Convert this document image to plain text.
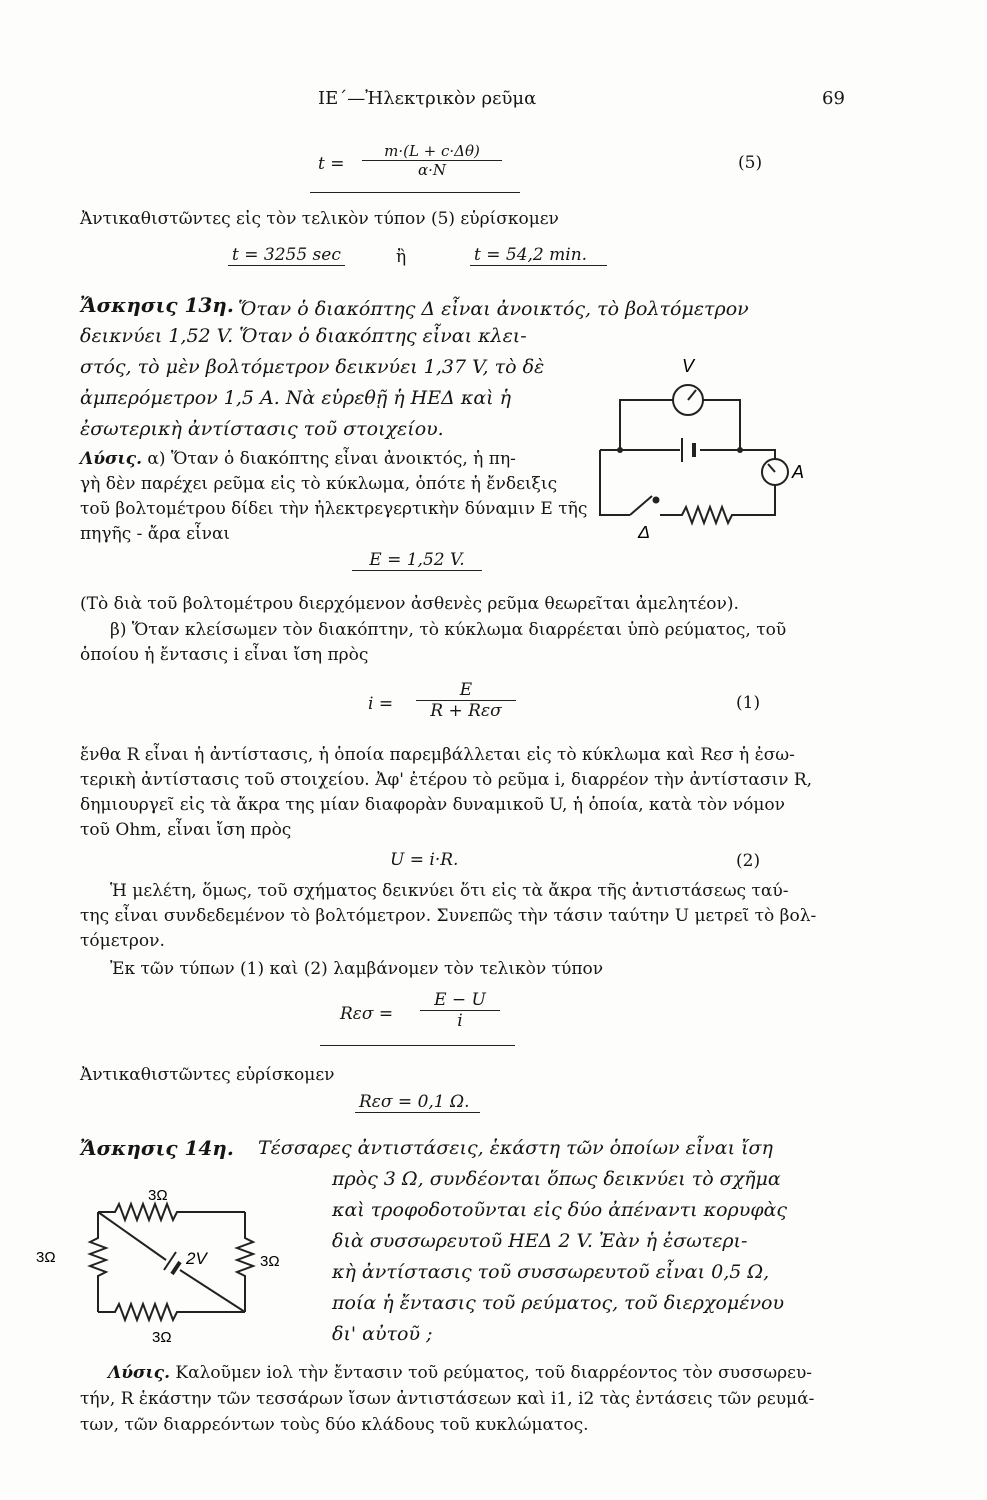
ΙΕ΄—Ἠλεκτρικὸν ρεῦμα	69
$t = \frac{m\cdot(L + c\cdot\Delta\theta)}{\alpha\cdot N}$	(5)
Ἀντικαθιστῶντες εἰς τὸν τελικὸν τύπον (5) εὑρίσκομεν
t = 3255 sec	ἢ	t = 54,2 min.
Ἄσκησις 13η. Ὅταν ὁ διακόπτης Δ εἶναι ἀνοικτός, τὸ βολτόμετρον
δεικνύει 1,52 V. Ὅταν ὁ διακόπτης εἶναι κλει-
στός, τὸ μὲν βολτόμετρον δεικνύει 1,37 V, τὸ δὲ
ἀμπερόμετρον 1,5 A. Νὰ εὑρεθῇ ἡ ΗΕΔ καὶ ἡ
ἐσωτερικὴ ἀντίστασις τοῦ στοιχείου.
Λύσις. α) Ὅταν ὁ διακόπτης εἶναι ἀνοικτός, ἡ πη-
γὴ δὲν παρέχει ρεῦμα εἰς τὸ κύκλωμα, ὁπότε ἡ ἔνδειξις
τοῦ βολτομέτρου δίδει τὴν ἠλεκτρεγερτικὴν δύναμιν E τῆς
πηγῆς - ἄρα εἶναι
V
A
Δ
E = 1,52 V.
(Τὸ διὰ τοῦ βολτομέτρου διερχόμενον ἀσθενὲς ρεῦμα θεωρεῖται ἀμελητέον).
β) Ὅταν κλείσωμεν τὸν διακόπτην, τὸ κύκλωμα διαρρέεται ὑπὸ ρεύματος, τοῦ
ὁποίου ἡ ἔντασις i εἶναι ἴση πρὸς
i =
E
R + Rεσ	(1)
ἔνθα R εἶναι ἡ ἀντίστασις, ἡ ὁποία παρεμβάλλεται εἰς τὸ κύκλωμα καὶ Rεσ ἡ ἐσω-
τερικὴ ἀντίστασις τοῦ στοιχείου. Ἀφ' ἑτέρου τὸ ρεῦμα i, διαρρέον τὴν ἀντίστασιν R,
δημιουργεῖ εἰς τὰ ἄκρα της μίαν διαφορὰν δυναμικοῦ U, ἡ ὁποία, κατὰ τὸν νόμον
τοῦ Ohm, εἶναι ἴση πρὸς
U = i·R.	(2)
Ἡ μελέτη, ὅμως, τοῦ σχήματος δεικνύει ὅτι εἰς τὰ ἄκρα τῆς ἀντιστάσεως ταύ-
της εἶναι συνδεδεμένον τὸ βολτόμετρον. Συνεπῶς τὴν τάσιν ταύτην U μετρεῖ τὸ βολ-
τόμετρον.
Ἐκ τῶν τύπων (1) καὶ (2) λαμβάνομεν τὸν τελικὸν τύπον
$R\varepsilon\sigma = \frac{E - U}{i}$
Ἀντικαθιστῶντες εὑρίσκομεν
Rεσ = 0,1 Ω.
Ἄσκησις 14η. Τέσσαρες ἀντιστάσεις, ἑκάστη τῶν ὁποίων εἶναι ἴση
πρὸς 3 Ω, συνδέονται ὅπως δεικνύει τὸ σχῆμα
καὶ τροφοδοτοῦνται εἰς δύο ἀπέναντι κορυφὰς
διὰ συσσωρευτοῦ ΗΕΔ 2 V. Ἐὰν ἡ ἐσωτερι-
κὴ ἀντίστασις τοῦ συσσωρευτοῦ εἶναι 0,5 Ω,
ποία ἡ ἔντασις τοῦ ρεύματος, τοῦ διερχομένου
δι' αὐτοῦ ;
3Ω
3Ω	3Ω
3Ω
2V
Λύσις. Καλοῦμεν iολ τὴν ἔντασιν τοῦ ρεύματος, τοῦ διαρρέοντος τὸν συσσωρευ-
τήν, R ἑκάστην τῶν τεσσάρων ἴσων ἀντιστάσεων καὶ i1, i2 τὰς ἐντάσεις τῶν ρευμά-
των, τῶν διαρρεόντων τοὺς δύο κλάδους τοῦ κυκλώματος.
